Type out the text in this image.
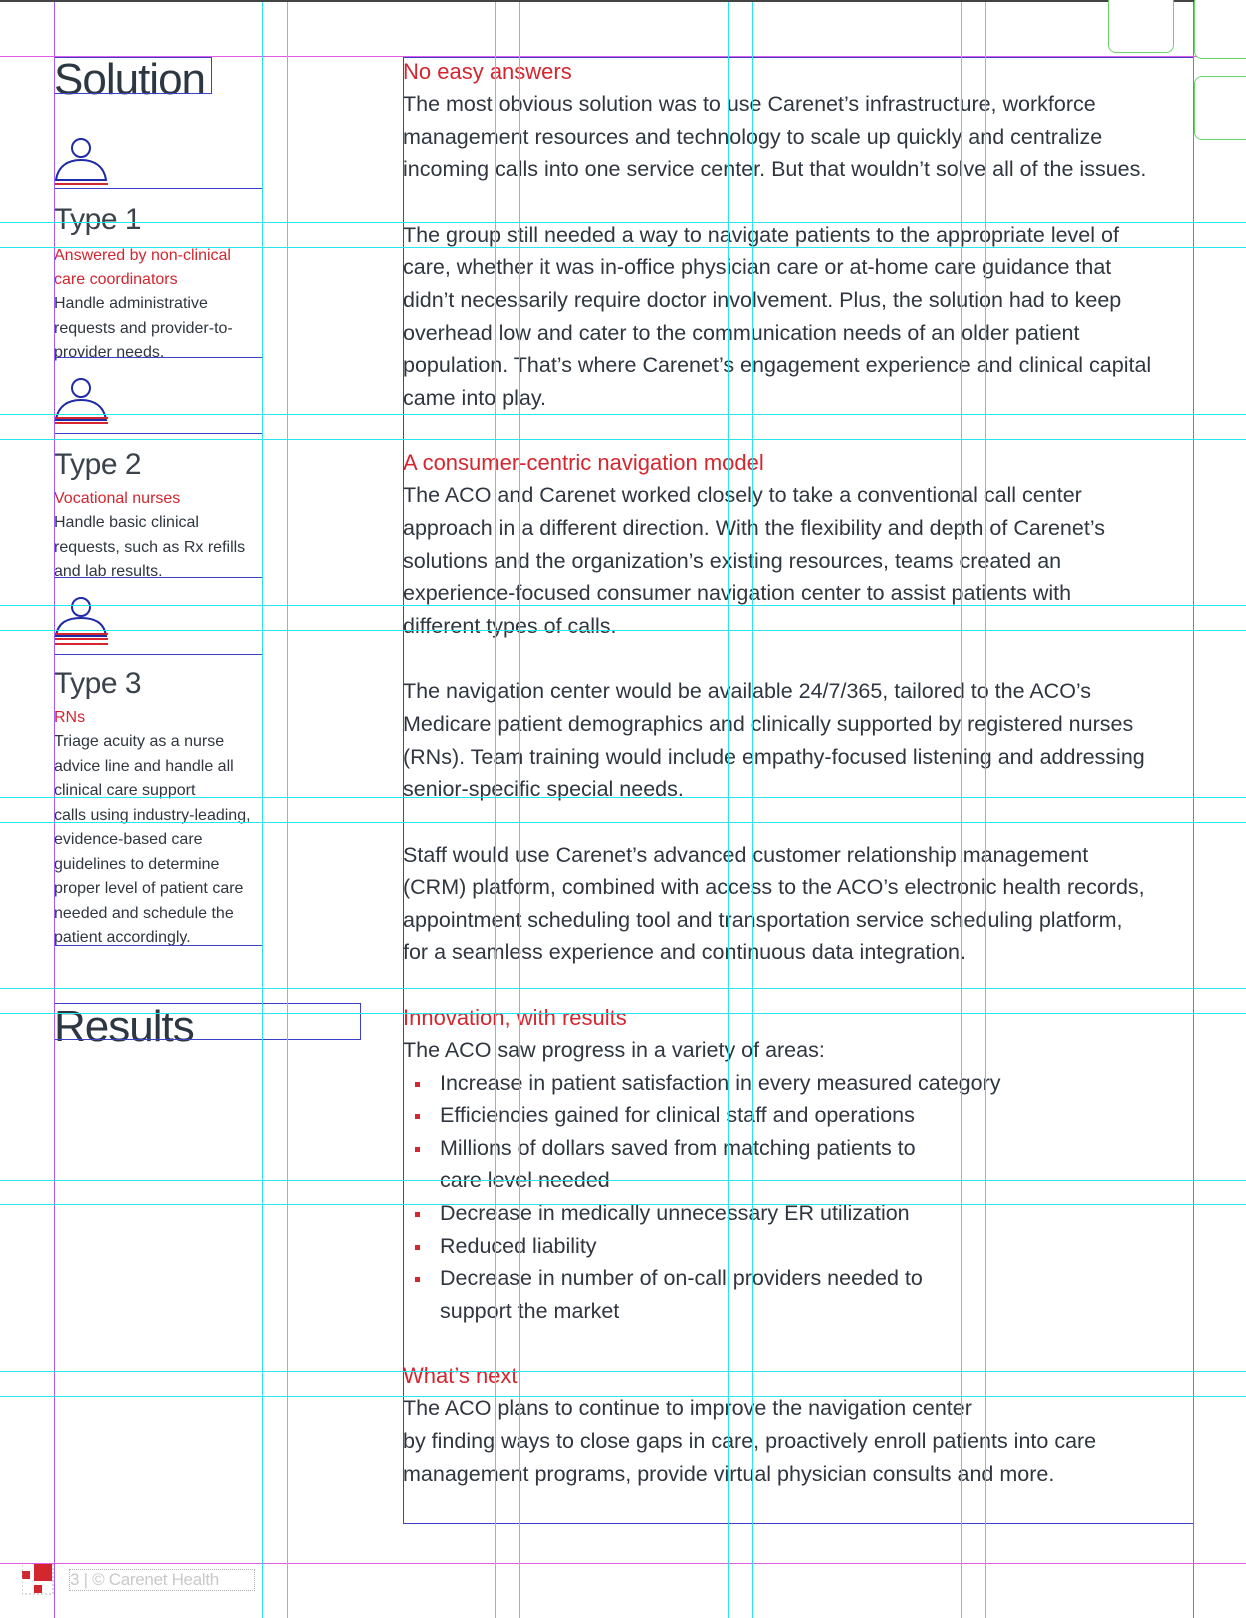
Solution
Type 1
Answered by non-clinical
care coordinators
Handle administrative
requests and provider-to-
provider needs.
Type 2
Vocational nurses
Handle basic clinical
requests, such as Rx refills
and lab results.
Type 3
RNs
Triage acuity as a nurse
advice line and handle all
clinical care support
calls using industry-leading,
evidence-based care
guidelines to determine
proper level of patient care
needed and schedule the
patient accordingly.
Results
No easy answers

The most obvious solution was to use Carenet’s infrastructure, workforce
management resources and technology to scale up quickly and centralize
incoming calls into one service center. But that wouldn’t solve all of the issues.

The group still needed a way to navigate patients to the appropriate level of
care, whether it was in-office physician care or at-home care guidance that
didn’t necessarily require doctor involvement. Plus, the solution had to keep
overhead low and cater to the communication needs of an older patient
population. That’s where Carenet’s engagement experience and clinical capital
came into play.

A consumer-centric navigation model

The ACO and Carenet worked closely to take a conventional call center
approach in a different direction. With the flexibility and depth of Carenet’s
solutions and the organization’s existing resources, teams created an
experience-focused consumer navigation center to assist patients with
different types of calls.

The navigation center would be available 24/7/365, tailored to the ACO’s
Medicare patient demographics and clinically supported by registered nurses
(RNs). Team training would include empathy-focused listening and addressing
senior-specific special needs.

Staff would use Carenet’s advanced customer relationship management
(CRM) platform, combined with access to the ACO’s electronic health records,
appointment scheduling tool and transportation service scheduling platform,
for a seamless experience and continuous data integration.

Innovation, with results

The ACO saw progress in a variety of areas:

Increase in patient satisfaction in every measured category
Efficiencies gained for clinical staff and operations
Millions of dollars saved from matching patients to
care level needed
Decrease in medically unnecessary ER utilization
Reduced liability
Decrease in number of on-call providers needed to
support the market
What’s next

The ACO plans to continue to improve the navigation center
by finding ways to close gaps in care, proactively enroll patients into care
management programs, provide virtual physician consults and more.

3 | © Carenet Health
